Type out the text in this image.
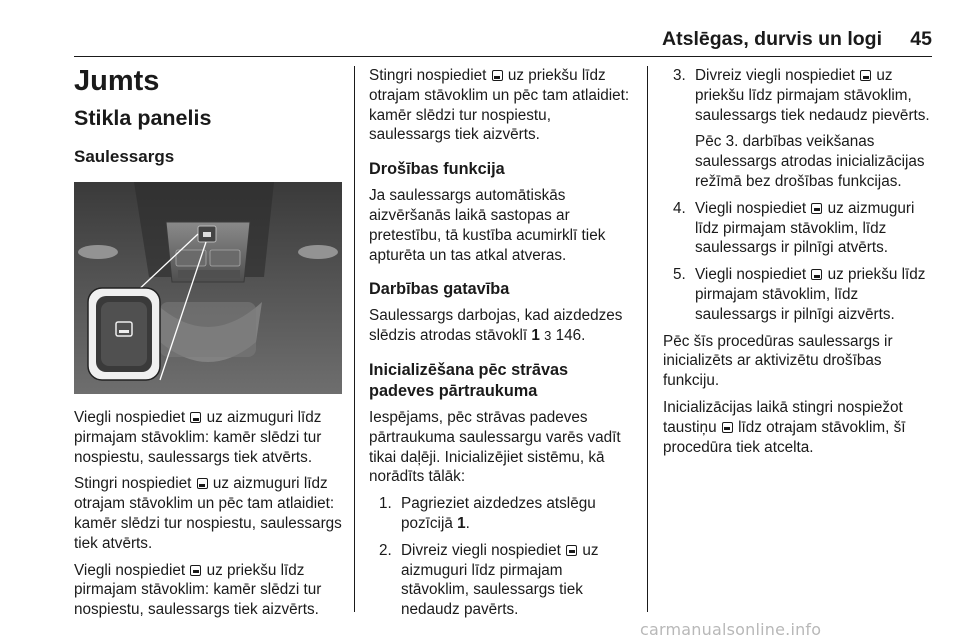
Atslēgas, durvis un logi	45
Jumts
Stikla panelis
Saulessargs

Viegli nospiediet  uz aizmuguri līdz pirmajam stāvoklim: kamēr slēdzi tur nospiestu, saulessargs tiek atvērts.

Stingri nospiediet  uz aizmuguri līdz otrajam stāvoklim un pēc tam atlaidiet: kamēr slēdzi tur nospiestu, saulessargs tiek atvērts.

Viegli nospiediet  uz priekšu līdz pirmajam stāvoklim: kamēr slēdzi tur nospiestu, saulessargs tiek aizvērts.

Stingri nospiediet  uz priekšu līdz otrajam stāvoklim un pēc tam atlaidiet: kamēr slēdzi tur nospiestu, saulessargs tiek aizvērts.

Drošības funkcija

Ja saulessargs automātiskās aizvēršanās laikā sastopas ar pretestību, tā kustība acumirklī tiek apturēta un tas atkal atveras.

Darbības gatavība

Saulessargs darbojas, kad aizdedzes slēdzis atrodas stāvoklī 1 3 146.

Inicializēšana pēc strāvas padeves pārtraukuma

Iespējams, pēc strāvas padeves pārtraukuma saulessargu varēs vadīt tikai daļēji. Inicializējiet sistēmu, kā norādīts tālāk:

1. Pagrieziet aizdedzes atslēgu pozīcijā 1.
2. Divreiz viegli nospiediet  uz aizmuguri līdz pirmajam stāvoklim, saulessargs tiek nedaudz pavērts.
3. Divreiz viegli nospiediet  uz priekšu līdz pirmajam stāvoklim, saulessargs tiek nedaudz pievērts.
Pēc 3. darbības veikšanas saulessargs atrodas inicializācijas režīmā bez drošības funkcijas.
4. Viegli nospiediet  uz aizmuguri līdz pirmajam stāvoklim, līdz saulessargs ir pilnīgi atvērts.
5. Viegli nospiediet  uz priekšu līdz pirmajam stāvoklim, līdz saulessargs ir pilnīgi aizvērts.

Pēc šīs procedūras saulessargs ir inicializēts ar aktivizētu drošības funkciju.

Inicializācijas laikā stingri nospiežot taustiņu  līdz otrajam stāvoklim, šī procedūra tiek atcelta.

carmanualsonline.info
